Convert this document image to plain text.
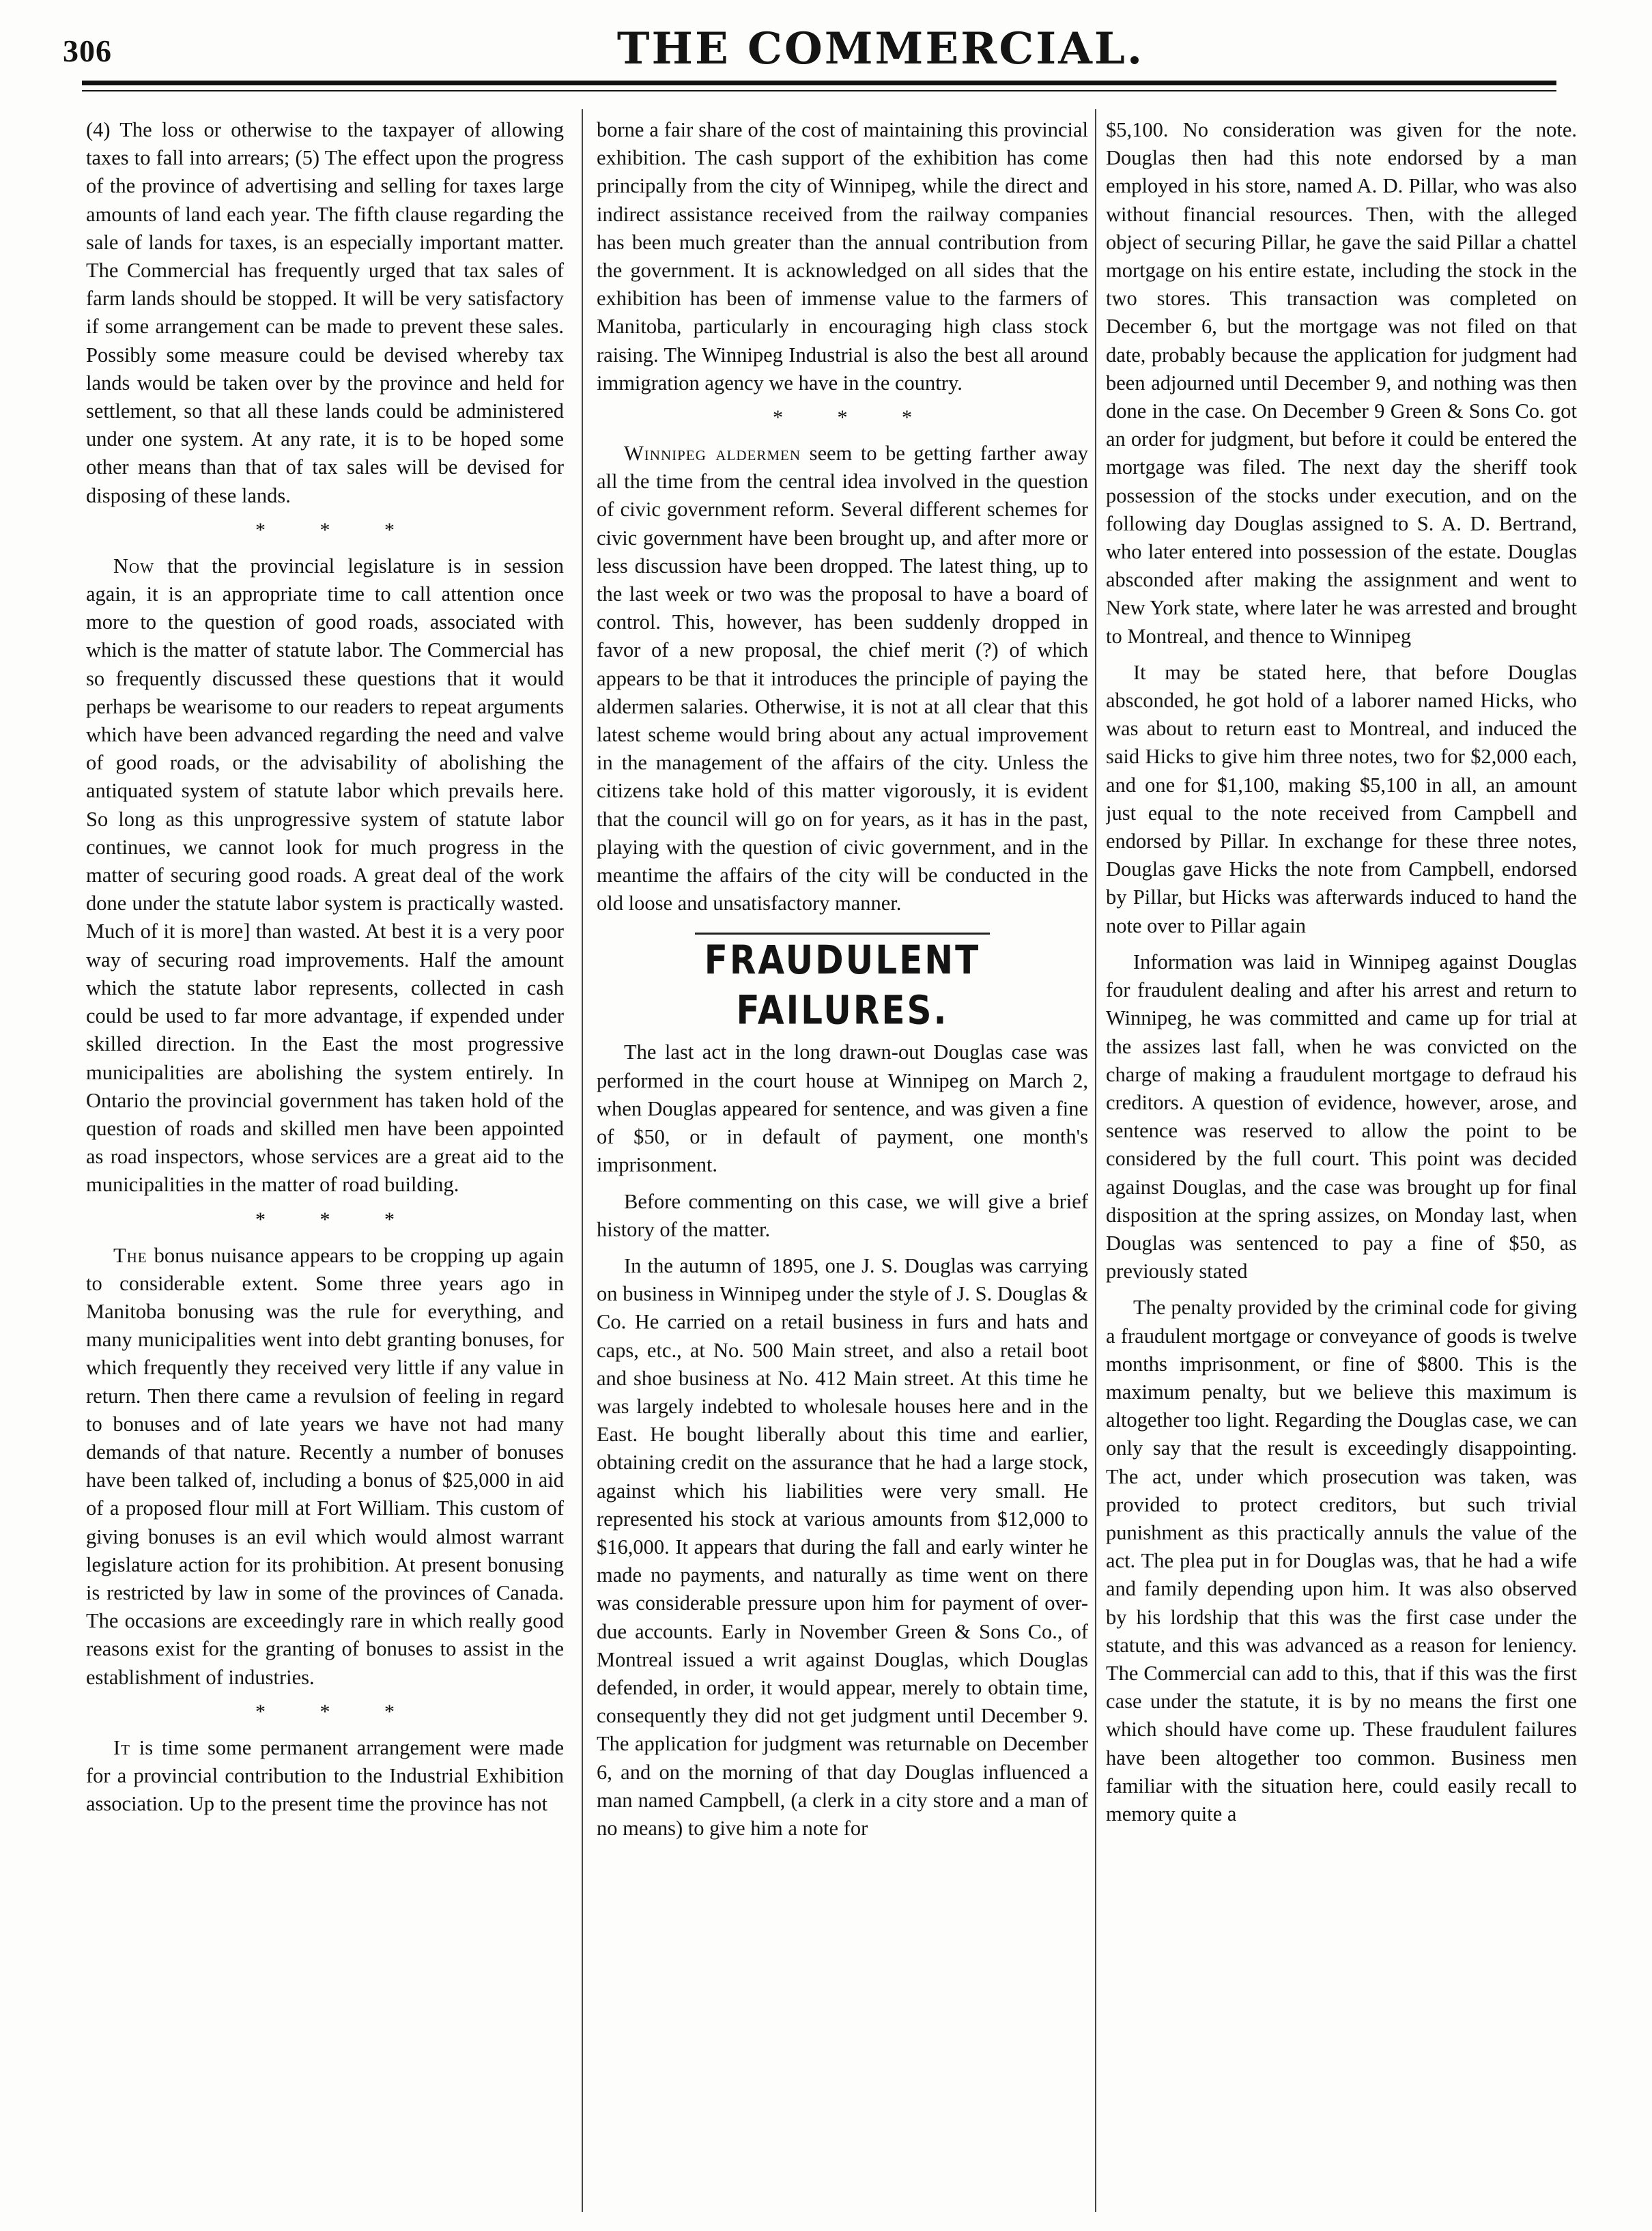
306	THE COMMERCIAL.

(4) The loss or otherwise to the taxpayer of allowing taxes to fall into arrears; (5) The effect upon the progress of the province of advertising and selling for taxes large amounts of land each year. The fifth clause regarding the sale of lands for taxes, is an especially important matter. The Commercial has frequently urged that tax sales of farm lands should be stopped. It will be very satisfactory if some arrangement can be made to prevent these sales. Possibly some measure could be devised whereby tax lands would be taken over by the province and held for settlement, so that all these lands could be administered under one system. At any rate, it is to be hoped some other means than that of tax sales will be devised for disposing of these lands.

* * *

Now that the provincial legislature is in session again, it is an appropriate time to call attention once more to the question of good roads, associated with which is the matter of statute labor. The Commercial has so frequently discussed these questions that it would perhaps be wearisome to our readers to repeat arguments which have been advanced regarding the need and valve of good roads, or the advisability of abolishing the antiquated system of statute labor which prevails here. So long as this unprogressive system of statute labor continues, we cannot look for much progress in the matter of securing good roads. A great deal of the work done under the statute labor system is practically wasted. Much of it is more] than wasted. At best it is a very poor way of securing road improvements. Half the amount which the statute labor represents, collected in cash could be used to far more advantage, if expended under skilled direction. In the East the most progressive municipalities are abolishing the system entirely. In Ontario the provincial government has taken hold of the question of roads and skilled men have been appointed as road inspectors, whose services are a great aid to the municipalities in the matter of road building.

* * *

The bonus nuisance appears to be cropping up again to considerable extent. Some three years ago in Manitoba bonusing was the rule for everything, and many municipalities went into debt granting bonuses, for which frequently they received very little if any value in return. Then there came a revulsion of feeling in regard to bonuses and of late years we have not had many demands of that nature. Recently a number of bonuses have been talked of, including a bonus of $25,000 in aid of a proposed flour mill at Fort William. This custom of giving bonuses is an evil which would almost warrant legislature action for its prohibition. At present bonusing is restricted by law in some of the provinces of Canada. The occasions are exceedingly rare in which really good reasons exist for the granting of bonuses to assist in the establishment of industries.

* * *

It is time some permanent arrangement were made for a provincial contribution to the Industrial Exhibition association. Up to the present time the province has not

borne a fair share of the cost of maintaining this provincial exhibition. The cash support of the exhibition has come principally from the city of Winnipeg, while the direct and indirect assistance received from the railway companies has been much greater than the annual contribution from the government. It is acknowledged on all sides that the exhibition has been of immense value to the farmers of Manitoba, particularly in encouraging high class stock raising. The Winnipeg Industrial is also the best all around immigration agency we have in the country.

* * *

Winnipeg aldermen seem to be getting farther away all the time from the central idea involved in the question of civic government reform. Several different schemes for civic government have been brought up, and after more or less discussion have been dropped. The latest thing, up to the last week or two was the proposal to have a board of control. This, however, has been suddenly dropped in favor of a new proposal, the chief merit (?) of which appears to be that it introduces the principle of paying the aldermen salaries. Otherwise, it is not at all clear that this latest scheme would bring about any actual improvement in the management of the affairs of the city. Unless the citizens take hold of this matter vigorously, it is evident that the council will go on for years, as it has in the past, playing with the question of civic government, and in the meantime the affairs of the city will be conducted in the old loose and unsatisfactory manner.

FRAUDULENT FAILURES.

The last act in the long drawn-out Douglas case was performed in the court house at Winnipeg on March 2, when Douglas appeared for sentence, and was given a fine of $50, or in default of payment, one month's imprisonment.

Before commenting on this case, we will give a brief history of the matter.

In the autumn of 1895, one J. S. Douglas was carrying on business in Winnipeg under the style of J. S. Douglas & Co. He carried on a retail business in furs and hats and caps, etc., at No. 500 Main street, and also a retail boot and shoe business at No. 412 Main street. At this time he was largely indebted to wholesale houses here and in the East. He bought liberally about this time and earlier, obtaining credit on the assurance that he had a large stock, against which his liabilities were very small. He represented his stock at various amounts from $12,000 to $16,000. It appears that during the fall and early winter he made no payments, and naturally as time went on there was considerable pressure upon him for payment of over-due accounts. Early in November Green & Sons Co., of Montreal issued a writ against Douglas, which Douglas defended, in order, it would appear, merely to obtain time, consequently they did not get judgment until December 9. The application for judgment was returnable on December 6, and on the morning of that day Douglas influenced a man named Campbell, (a clerk in a city store and a man of no means) to give him a note for

$5,100. No consideration was given for the note. Douglas then had this note endorsed by a man employed in his store, named A. D. Pillar, who was also without financial resources. Then, with the alleged object of securing Pillar, he gave the said Pillar a chattel mortgage on his entire estate, including the stock in the two stores. This transaction was completed on December 6, but the mortgage was not filed on that date, probably because the application for judgment had been adjourned until December 9, and nothing was then done in the case. On December 9 Green & Sons Co. got an order for judgment, but before it could be entered the mortgage was filed. The next day the sheriff took possession of the stocks under execution, and on the following day Douglas assigned to S. A. D. Bertrand, who later entered into possession of the estate. Douglas absconded after making the assignment and went to New York state, where later he was arrested and brought to Montreal, and thence to Winnipeg

It may be stated here, that before Douglas absconded, he got hold of a laborer named Hicks, who was about to return east to Montreal, and induced the said Hicks to give him three notes, two for $2,000 each, and one for $1,100, making $5,100 in all, an amount just equal to the note received from Campbell and endorsed by Pillar. In exchange for these three notes, Douglas gave Hicks the note from Campbell, endorsed by Pillar, but Hicks was afterwards induced to hand the note over to Pillar again

Information was laid in Winnipeg against Douglas for fraudulent dealing and after his arrest and return to Winnipeg, he was committed and came up for trial at the assizes last fall, when he was convicted on the charge of making a fraudulent mortgage to defraud his creditors. A question of evidence, however, arose, and sentence was reserved to allow the point to be considered by the full court. This point was decided against Douglas, and the case was brought up for final disposition at the spring assizes, on Monday last, when Douglas was sentenced to pay a fine of $50, as previously stated

The penalty provided by the criminal code for giving a fraudulent mortgage or conveyance of goods is twelve months imprisonment, or fine of $800. This is the maximum penalty, but we believe this maximum is altogether too light. Regarding the Douglas case, we can only say that the result is exceedingly disappointing. The act, under which prosecution was taken, was provided to protect creditors, but such trivial punishment as this practically annuls the value of the act. The plea put in for Douglas was, that he had a wife and family depending upon him. It was also observed by his lordship that this was the first case under the statute, and this was advanced as a reason for leniency. The Commercial can add to this, that if this was the first case under the statute, it is by no means the first one which should have come up. These fraudulent failures have been altogether too common. Business men familiar with the situation here, could easily recall to memory quite a
